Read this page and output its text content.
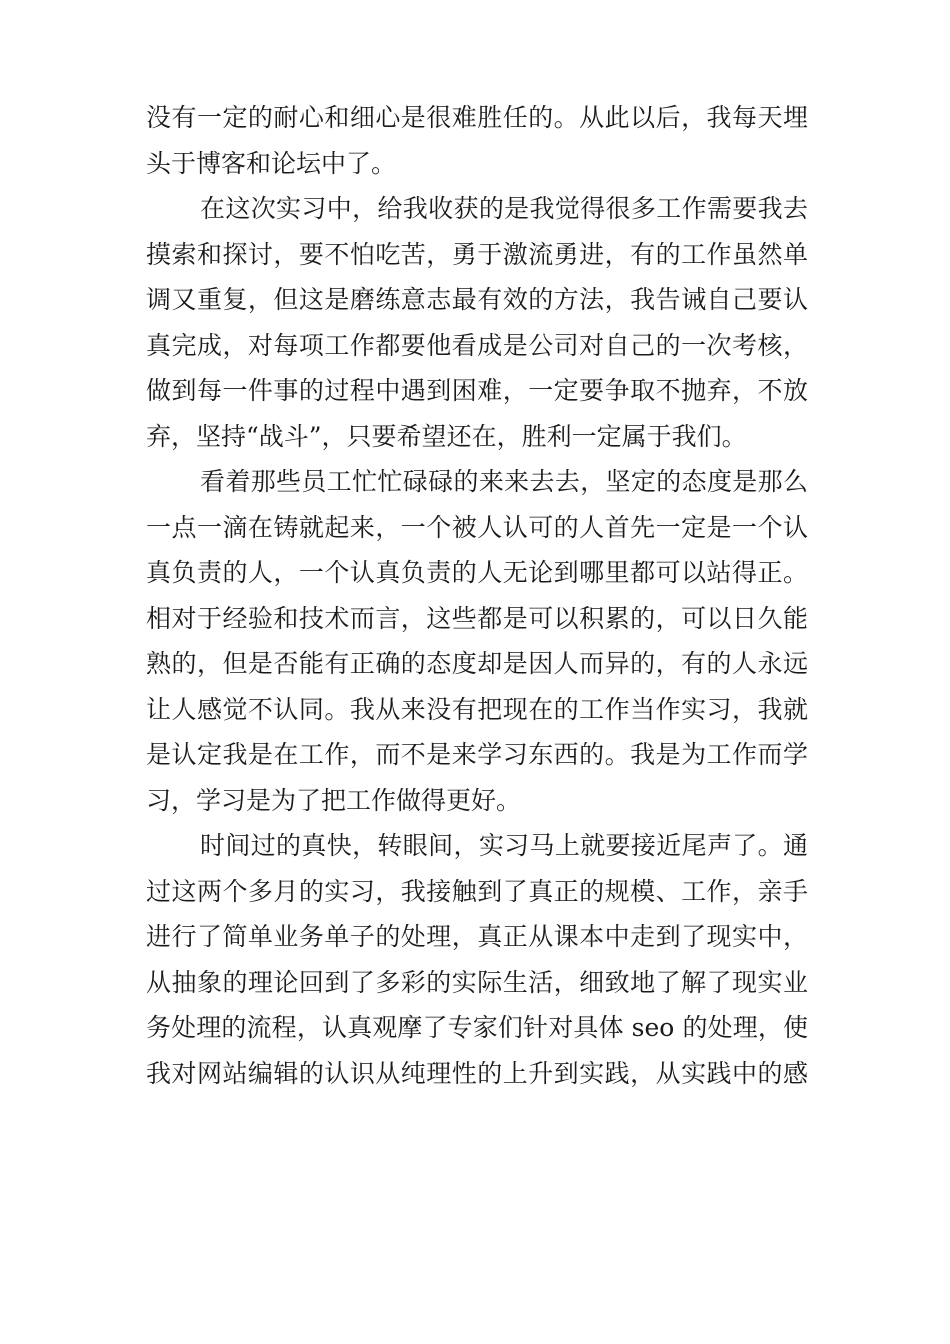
没有一定的耐心和细心是很难胜任的。从此以后，我每天埋
头于博客和论坛中了。
在这次实习中，给我收获的是我觉得很多工作需要我去
摸索和探讨，要不怕吃苦，勇于激流勇进，有的工作虽然单
调又重复，但这是磨练意志最有效的方法，我告诫自己要认
真完成，对每项工作都要他看成是公司对自己的一次考核，
做到每一件事的过程中遇到困难，一定要争取不抛弃，不放
弃，坚持“战斗”，只要希望还在，胜利一定属于我们。
看着那些员工忙忙碌碌的来来去去，坚定的态度是那么
一点一滴在铸就起来，一个被人认可的人首先一定是一个认
真负责的人，一个认真负责的人无论到哪里都可以站得正。
相对于经验和技术而言，这些都是可以积累的，可以日久能
熟的，但是否能有正确的态度却是因人而异的，有的人永远
让人感觉不认同。我从来没有把现在的工作当作实习，我就
是认定我是在工作，而不是来学习东西的。我是为工作而学
习，学习是为了把工作做得更好。
时间过的真快，转眼间，实习马上就要接近尾声了。通
过这两个多月的实习，我接触到了真正的规模、工作，亲手
进行了简单业务单子的处理，真正从课本中走到了现实中，
从抽象的理论回到了多彩的实际生活，细致地了解了现实业
务处理的流程，认真观摩了专家们针对具体 seo 的处理，使
我对网站编辑的认识从纯理性的上升到实践，从实践中的感
